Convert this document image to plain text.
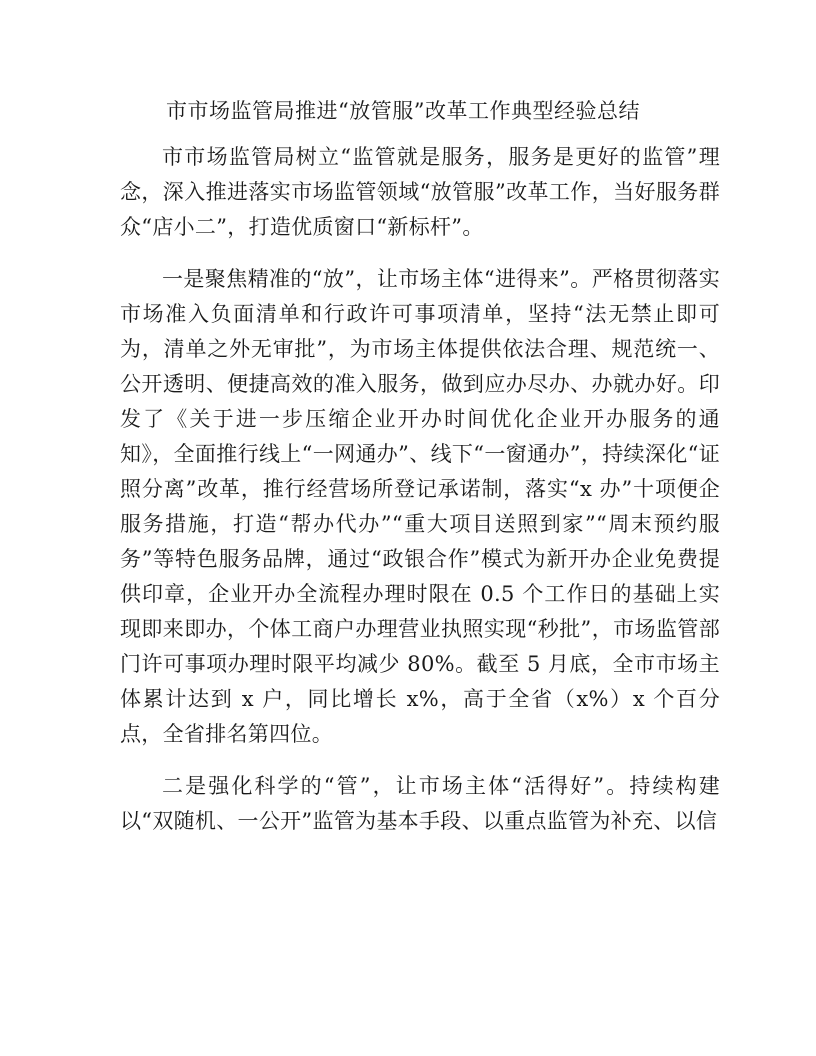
市市场监管局推进“放管服”改革工作典型经验总结

市市场监管局树立“监管就是服务，服务是更好的监管”理念，深入推进落实市场监管领域“放管服”改革工作，当好服务群众“店小二”，打造优质窗口“新标杆”。

一是聚焦精准的“放”，让市场主体“进得来”。严格贯彻落实市场准入负面清单和行政许可事项清单，坚持“法无禁止即可为，清单之外无审批”，为市场主体提供依法合理、规范统一、公开透明、便捷高效的准入服务，做到应办尽办、办就办好。印发了《关于进一步压缩企业开办时间优化企业开办服务的通知》，全面推行线上“一网通办”、线下“一窗通办”，持续深化“证照分离”改革，推行经营场所登记承诺制，落实“x 办”十项便企服务措施，打造“帮办代办”“重大项目送照到家”“周末预约服务”等特色服务品牌，通过“政银合作”模式为新开办企业免费提供印章，企业开办全流程办理时限在 0.5 个工作日的基础上实现即来即办，个体工商户办理营业执照实现“秒批”，市场监管部门许可事项办理时限平均减少 80%。截至 5 月底，全市市场主体累计达到 x 户，同比增长 x%，高于全省（x%）x 个百分点，全省排名第四位。

二是强化科学的“管”，让市场主体“活得好”。持续构建以“双随机、一公开”监管为基本手段、以重点监管为补充、以信
